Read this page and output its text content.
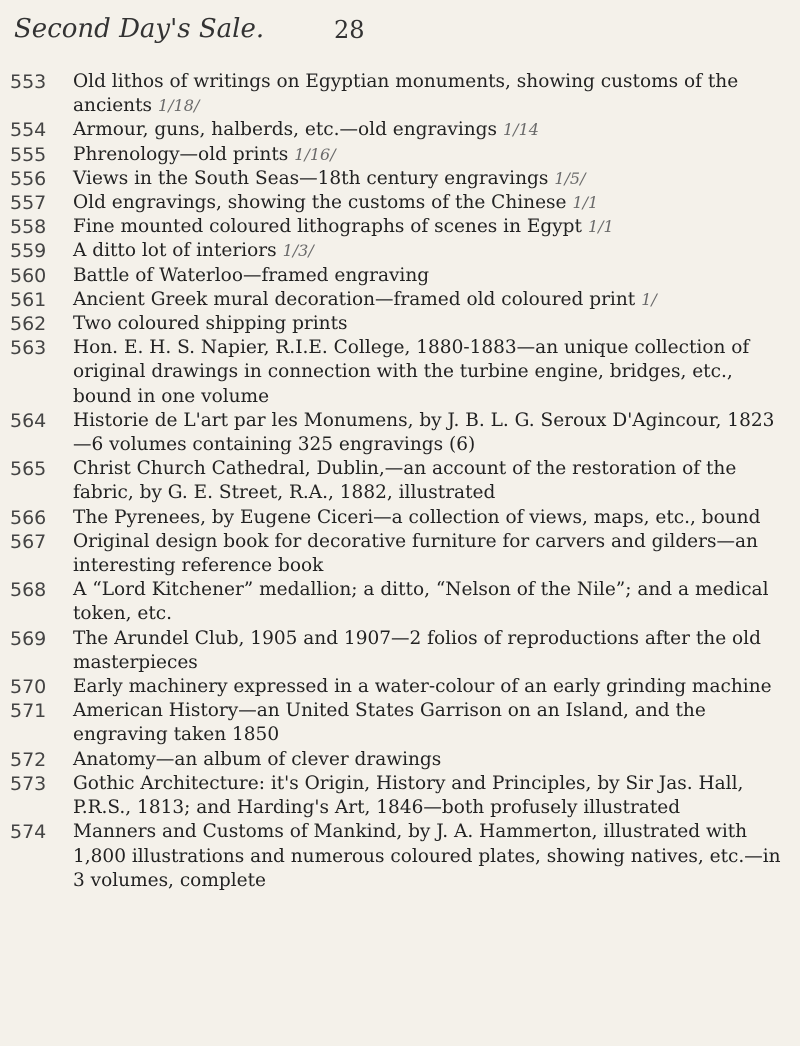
Second Day's Sale.	28
553	Old lithos of writings on Egyptian monuments, showing customs of the ancients 1/18/
554	Armour, guns, halberds, etc.—old engravings 1/14
555	Phrenology—old prints 1/16/
556	Views in the South Seas—18th century engravings 1/5/
557	Old engravings, showing the customs of the Chinese 1/1
558	Fine mounted coloured lithographs of scenes in Egypt 1/1
559	A ditto lot of interiors 1/3/
560	Battle of Waterloo—framed engraving
561	Ancient Greek mural decoration—framed old coloured print 1/
562	Two coloured shipping prints
563	Hon. E. H. S. Napier, R.I.E. College, 1880-1883—an unique collection of original drawings in connection with the turbine engine, bridges, etc., bound in one volume
564	Historie de L'art par les Monumens, by J. B. L. G. Seroux D'Agincour, 1823—6 volumes containing 325 engravings (6)
565	Christ Church Cathedral, Dublin,—an account of the restoration of the fabric, by G. E. Street, R.A., 1882, illustrated
566	The Pyrenees, by Eugene Ciceri—a collection of views, maps, etc., bound
567	Original design book for decorative furniture for carvers and gilders—an interesting reference book
568	A “Lord Kitchener” medallion; a ditto, “Nelson of the Nile”; and a medical token, etc.
569	The Arundel Club, 1905 and 1907—2 folios of reproductions after the old masterpieces
570	Early machinery expressed in a water-colour of an early grinding machine
571	American History—an United States Garrison on an Island, and the engraving taken 1850
572	Anatomy—an album of clever drawings
573	Gothic Architecture: it's Origin, History and Principles, by Sir Jas. Hall, P.R.S., 1813; and Harding's Art, 1846—both profusely illustrated
574	Manners and Customs of Mankind, by J. A. Hammerton, illustrated with 1,800 illustrations and numerous coloured plates, showing natives, etc.—in 3 volumes, complete
